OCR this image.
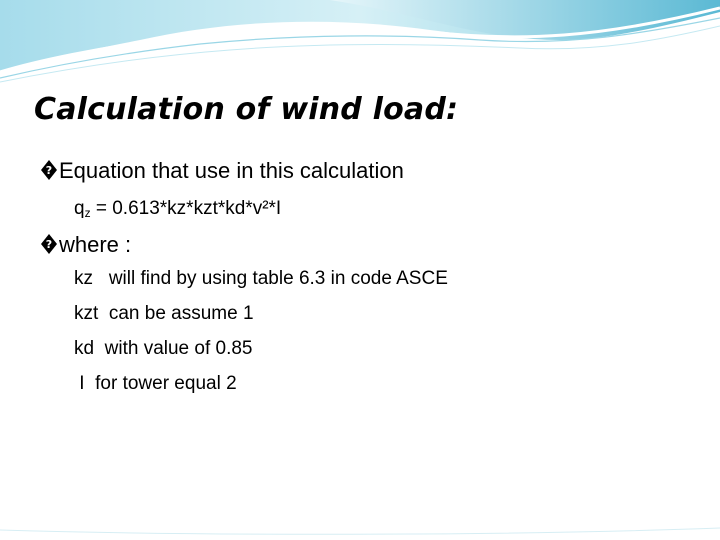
Calculation of wind load:
? Equation that use in this calculation
$q_z = 0.613*kz*kzt*kd*v^2*I$
? where :
kz   will find by using table 6.3 in code ASCE
kzt  can be assume 1
kd  with value of 0.85
I  for tower equal 2
